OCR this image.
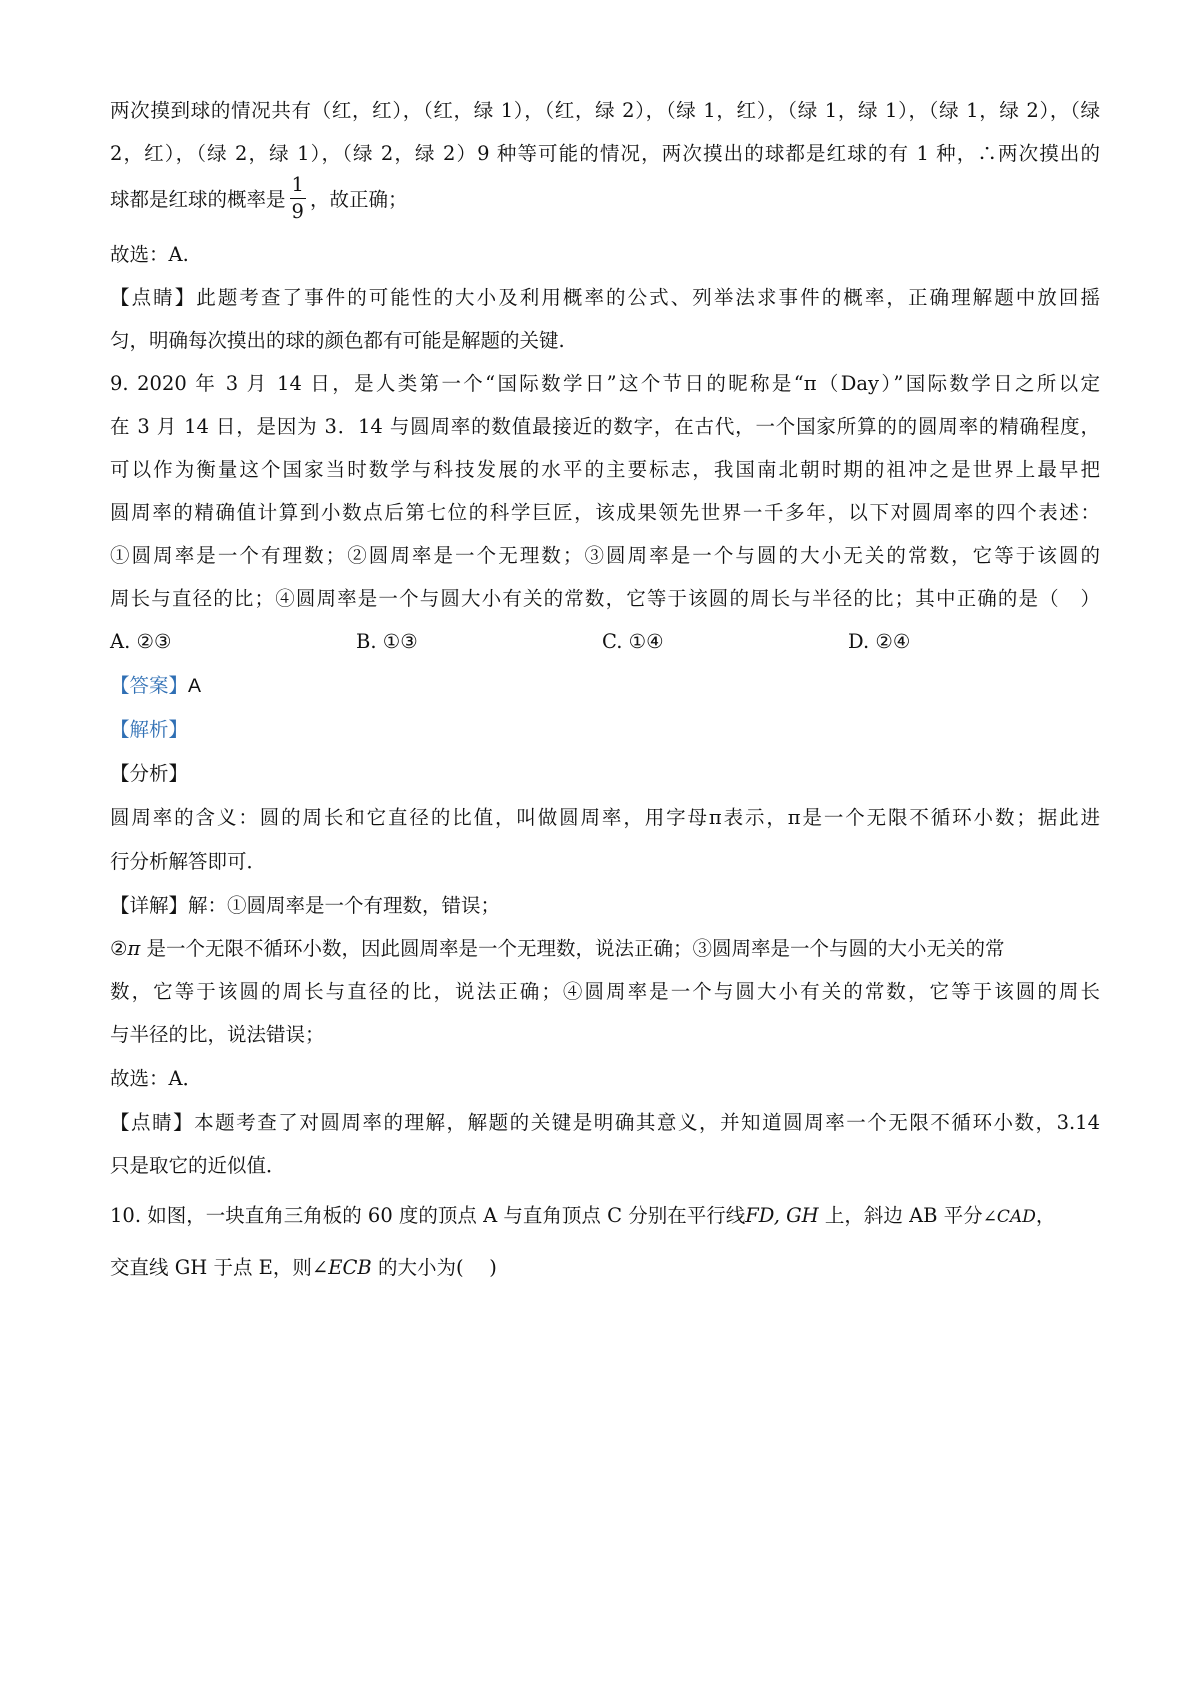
两次摸到球的情况共有（红，红），（红，绿 1），（红，绿 2），（绿 1，红），（绿 1，绿 1），（绿 1，绿 2），（绿
2，红），（绿 2，绿 1），（绿 2，绿 2）9 种等可能的情况，两次摸出的球都是红球的有 1 种，∴两次摸出的
球都是红球的概率是 $\frac{1}{9}$ ，故正确；
故选：A.
【点睛】此题考查了事件的可能性的大小及利用概率的公式、列举法求事件的概率，正确理解题中放回摇
匀，明确每次摸出的球的颜色都有可能是解题的关键.
9. 2020 年 3 月 14 日，是人类第一个“国际数学日”这个节日的昵称是“π（Day）”国际数学日之所以定
在 3 月 14 日，是因为 3．14 与圆周率的数值最接近的数字，在古代，一个国家所算的的圆周率的精确程度，
可以作为衡量这个国家当时数学与科技发展的水平的主要标志，我国南北朝时期的祖冲之是世界上最早把
圆周率的精确值计算到小数点后第七位的科学巨匠，该成果领先世界一千多年，以下对圆周率的四个表述：
①圆周率是一个有理数；②圆周率是一个无理数；③圆周率是一个与圆的大小无关的常数，它等于该圆的
周长与直径的比；④圆周率是一个与圆大小有关的常数，它等于该圆的周长与半径的比；其中正确的是（　）
A. ②③	B. ①③	C. ①④	D. ②④
【答案】A
【解析】
【分析】
圆周率的含义：圆的周长和它直径的比值，叫做圆周率，用字母π表示，π是一个无限不循环小数；据此进
行分析解答即可．
【详解】解：①圆周率是一个有理数，错误；
②π 是一个无限不循环小数，因此圆周率是一个无理数，说法正确；③圆周率是一个与圆的大小无关的常
数，它等于该圆的周长与直径的比，说法正确；④圆周率是一个与圆大小有关的常数，它等于该圆的周长
与半径的比，说法错误；
故选：A．
【点睛】本题考查了对圆周率的理解，解题的关键是明确其意义，并知道圆周率一个无限不循环小数，3.14
只是取它的近似值．
10. 如图，一块直角三角板的 60 度的顶点 A 与直角顶点 C 分别在平行线FD, GH 上，斜边 AB 平分∠CAD，
交直线 GH 于点 E，则∠ECB 的大小为(　 )
